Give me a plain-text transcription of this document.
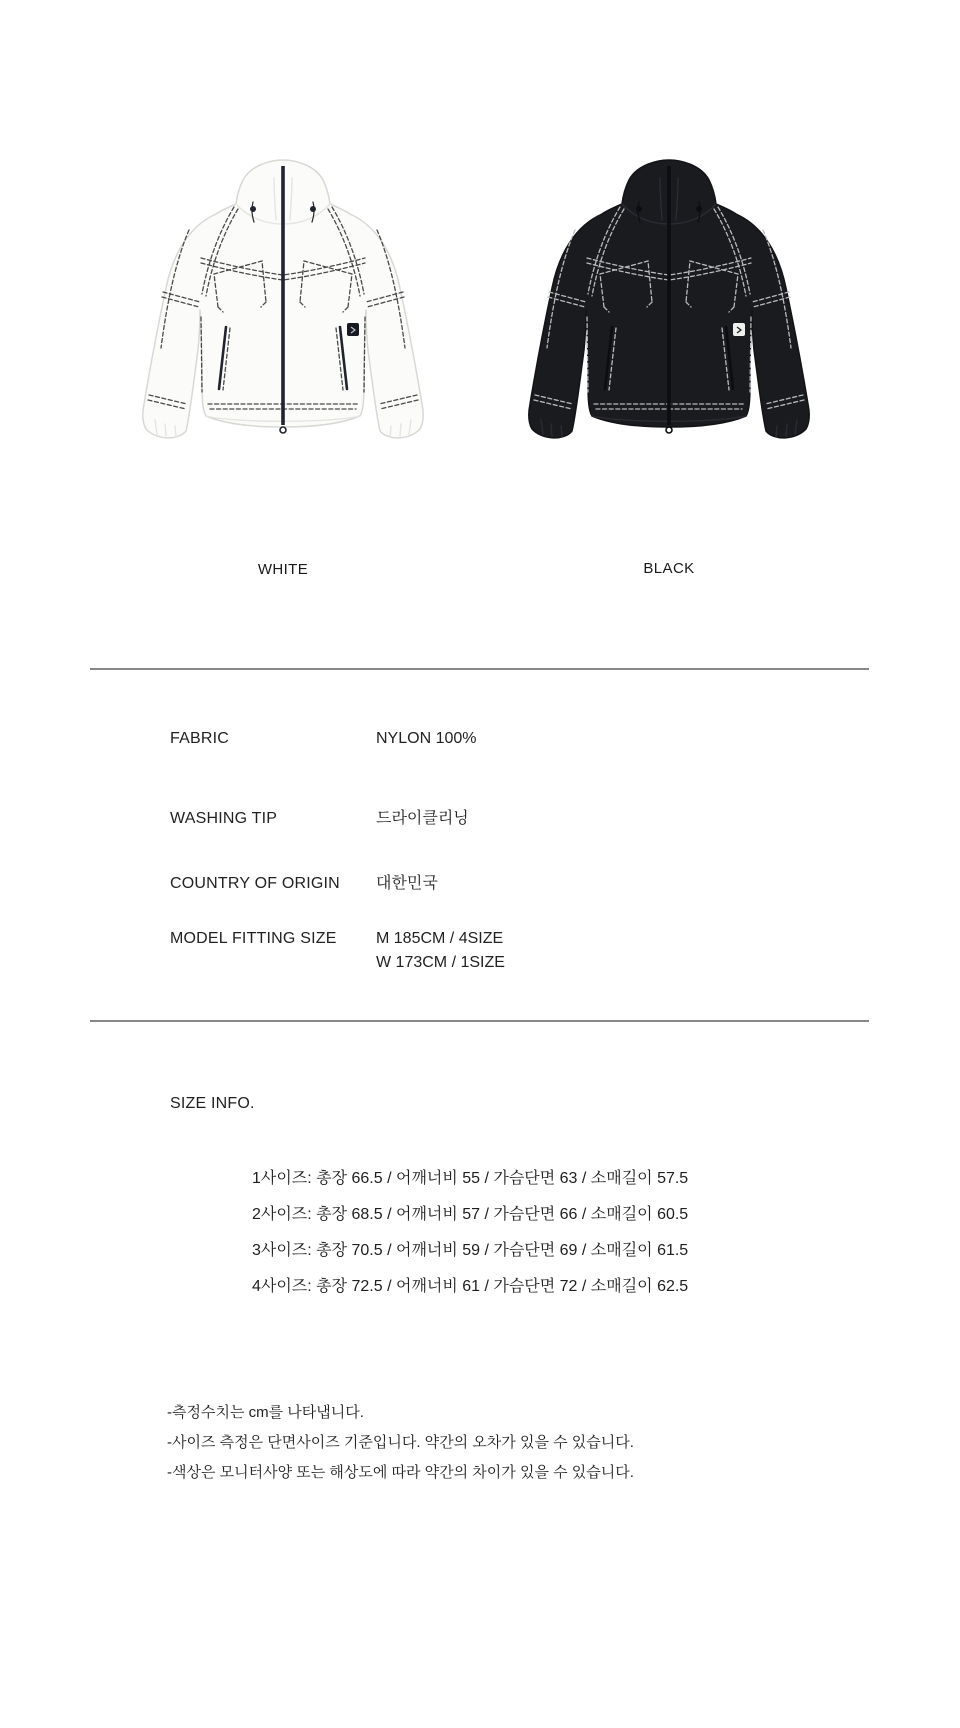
WHITE	BLACK
FABRIC	NYLON 100%
WASHING TIP	드라이클리닝
COUNTRY OF ORIGIN	대한민국
MODEL FITTING SIZE	M 185CM / 4SIZE
W 173CM / 1SIZE
SIZE INFO.
1사이즈: 총장 66.5 / 어깨너비 55 / 가슴단면 63 / 소매길이 57.5
2사이즈: 총장 68.5 / 어깨너비 57 / 가슴단면 66 / 소매길이 60.5
3사이즈: 총장 70.5 / 어깨너비 59 / 가슴단면 69 / 소매길이 61.5
4사이즈: 총장 72.5 / 어깨너비 61 / 가슴단면 72 / 소매길이 62.5
-측정수치는 cm를 나타냅니다.
-사이즈 측정은 단면사이즈 기준입니다. 약간의 오차가 있을 수 있습니다.
-색상은 모니터사양 또는 해상도에 따라 약간의 차이가 있을 수 있습니다.
